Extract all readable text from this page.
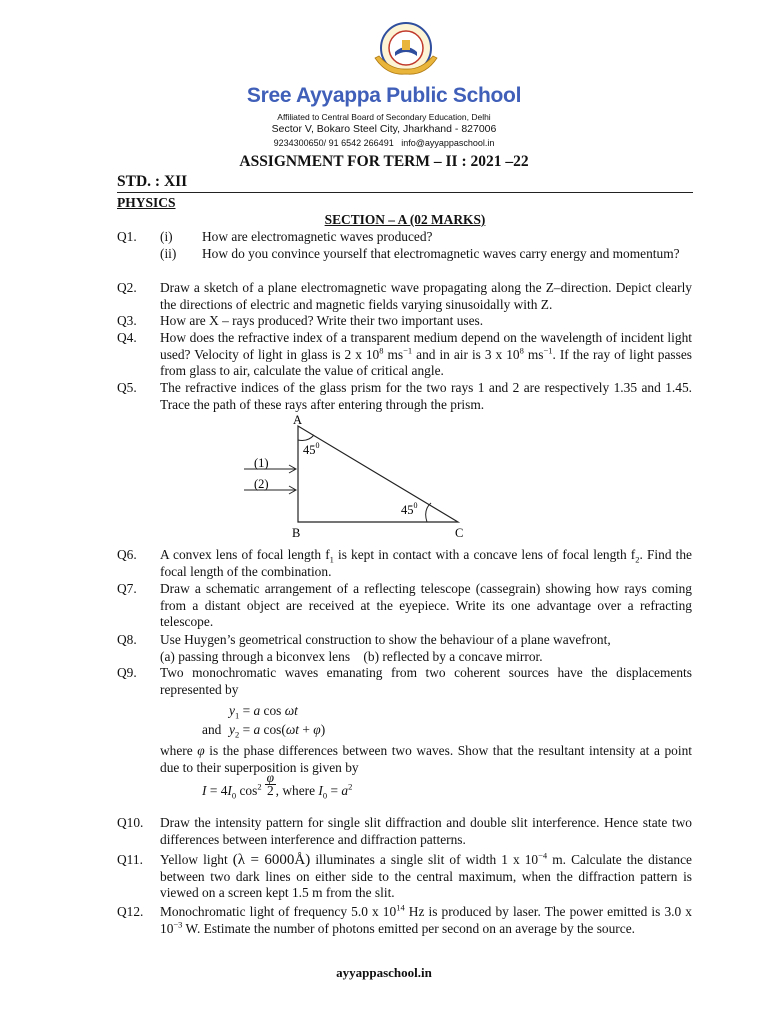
Sree Ayyappa Public School
Affiliated to Central Board of Secondary Education, Delhi
Sector V, Bokaro Steel City, Jharkhand - 827006
9234300650/ 91 6542 266491   info@ayyappaschool.in
ASSIGNMENT FOR TERM – II : 2021 –22
STD. : XII
PHYSICS
SECTION – A (02 MARKS)
Q1. (i) How are electromagnetic waves produced?
(ii) How do you convince yourself that electromagnetic waves carry energy and momentum?
Q2. Draw a sketch of a plane electromagnetic wave propagating along the Z–direction. Depict clearly the directions of electric and magnetic fields varying sinusoidally with Z.
Q3. How are X – rays produced? Write their two important uses.
Q4. How does the refractive index of a transparent medium depend on the wavelength of incident light used? Velocity of light in glass is 2 x $10^8$ $ms^{-1}$ and in air is 3 x $10^8$ $ms^{-1}$. If the ray of light passes from glass to air, calculate the value of critical angle.
Q5. The refractive indices of the glass prism for the two rays 1 and 2 are respectively 1.35 and 1.45. Trace the path of these rays after entering through the prism.
A
B	C
$45^0$
$45^0$
(1)
(2)
Q6. A convex lens of focal length $f_1$ is kept in contact with a concave lens of focal length $f_2$. Find the focal length of the combination.
Q7. Draw a schematic arrangement of a reflecting telescope (cassegrain) showing how rays coming from a distant object are received at the eyepiece. Write its one advantage over a refracting telescope.
Q8. Use Huygen’s geometrical construction to show the behaviour of a plane wavefront,
(a) passing through a biconvex lens    (b) reflected by a concave mirror.
Q9. Two monochromatic waves emanating from two coherent sources have the displacements represented by
$y_1 = a$ cos ωt
and $y_2 = a$ cos(ωt + φ)
where φ is the phase differences between two waves. Show that the resultant intensity at a point due to their superposition is given by
$I = 4I_0$ $\cos^2 \varphi$
2 , where $I_0 = a^2$
Q10. Draw the intensity pattern for single slit diffraction and double slit interference. Hence state two differences between interference and diffraction patterns.
Q11. Yellow light (λ = 6000Å) illuminates a single slit of width 1 x $10^{-4}$ m. Calculate the distance between two dark lines on either side to the central maximum, when the diffraction pattern is viewed on a screen kept 1.5 m from the slit.
Q12. Monochromatic light of frequency 5.0 x $10^{14}$ Hz is produced by laser. The power emitted is 3.0 x $10^{-3}$ W. Estimate the number of photons emitted per second on an average by the source.
ayyappaschool.in
